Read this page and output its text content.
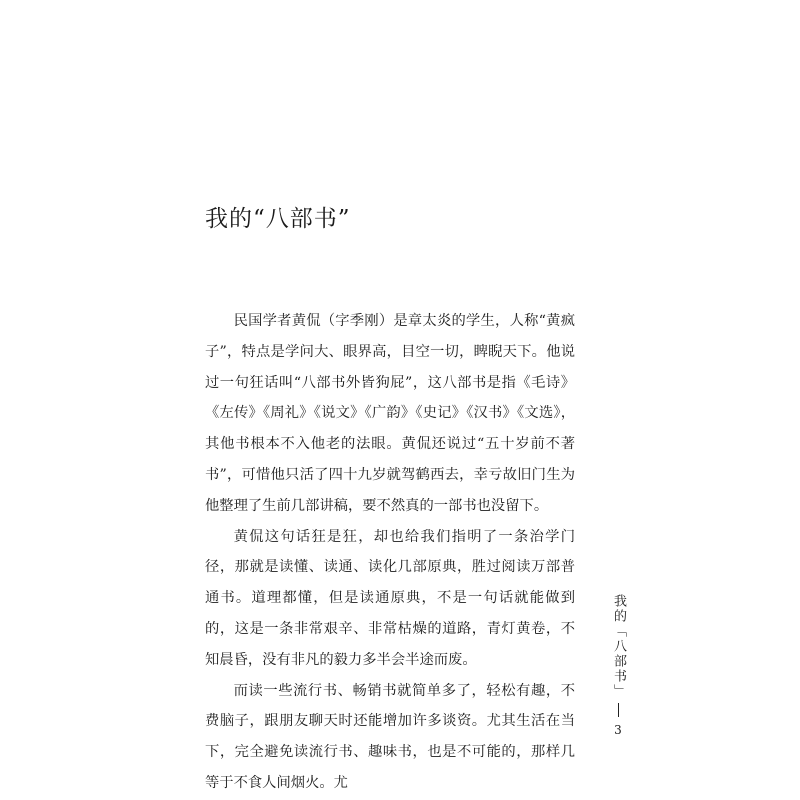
我的“八部书”

民国学者黄侃（字季刚）是章太炎的学生，人称“黄疯子”，特点是学问大、眼界高，目空一切，睥睨天下。他说过一句狂话叫“八部书外皆狗屁”，这八部书是指《毛诗》《左传》《周礼》《说文》《广韵》《史记》《汉书》《文选》，其他书根本不入他老的法眼。黄侃还说过“五十岁前不著书”，可惜他只活了四十九岁就驾鹤西去，幸亏故旧门生为他整理了生前几部讲稿，要不然真的一部书也没留下。

黄侃这句话狂是狂，却也给我们指明了一条治学门径，那就是读懂、读通、读化几部原典，胜过阅读万部普通书。道理都懂，但是读通原典，不是一句话就能做到的，这是一条非常艰辛、非常枯燥的道路，青灯黄卷，不知晨昏，没有非凡的毅力多半会半途而废。

而读一些流行书、畅销书就简单多了，轻松有趣，不费脑子，跟朋友聊天时还能增加许多谈资。尤其生活在当下，完全避免读流行书、趣味书，也是不可能的，那样几等于不食人间烟火。尤

我的「八部书」
3
